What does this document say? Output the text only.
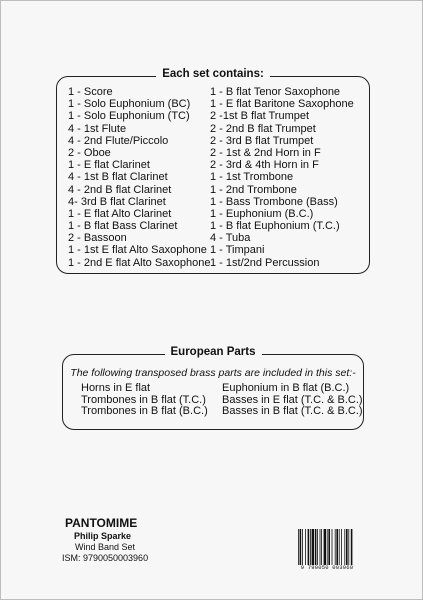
Each set contains:
1 - Score
1 - Solo Euphonium (BC)
1 - Solo Euphonium (TC)
4 - 1st Flute
4 - 2nd Flute/Piccolo
2 - Oboe
1 - E flat Clarinet
4 - 1st B flat Clarinet
4 - 2nd B flat Clarinet
4- 3rd B flat Clarinet
1 - E flat Alto Clarinet
1 - B flat Bass Clarinet
2 - Bassoon
1 - 1st E flat Alto Saxophone
1 - 2nd E flat Alto Saxophone
1 - B flat Tenor Saxophone
1 - E flat Baritone Saxophone
2 -1st B flat Trumpet
2 - 2nd B flat Trumpet
2 - 3rd B flat Trumpet
2 - 1st & 2nd Horn in F
2 - 3rd & 4th Horn in F
1 - 1st Trombone
1 - 2nd Trombone
1 - Bass Trombone (Bass)
1 - Euphonium (B.C.)
1 - B flat Euphonium (T.C.)
4 - Tuba
1 - Timpani
1 - 1st/2nd Percussion
European Parts
The following transposed brass parts are included in this set:-
Horns in E flat
Trombones in B flat (T.C.)
Trombones in B flat (B.C.)
Euphonium in B flat (B.C.)
Basses in E flat (T.C. & B.C.)
Basses in B flat (T.C. & B.C.)
PANTOMIME
Philip Sparke
Wind Band Set
ISM: 9790050003960
9 790050 003960
